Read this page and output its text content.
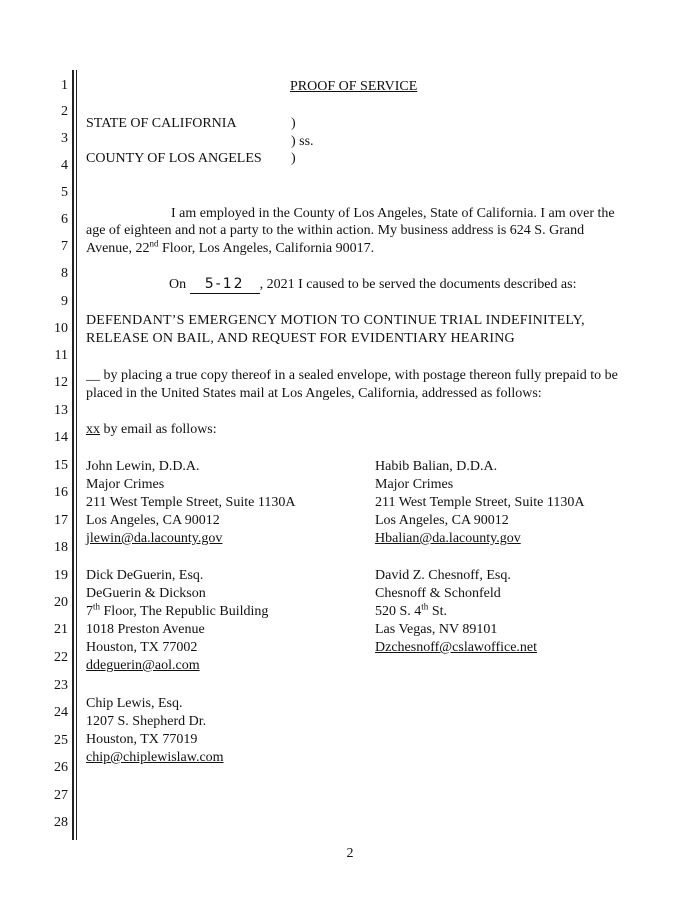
1
2
3
4
5
6
7
8
9
10
11
12
13
14
15
16
17
18
19
20
21
22
23
24
25
26
27
28
PROOF OF SERVICE
STATE OF CALIFORNIA	)
) ss.
COUNTY OF LOS ANGELES )
I am employed in the County of Los Angeles, State of California. I am over the
age of eighteen and not a party to the within action. My business address is 624 S. Grand
Avenue, 22nd Floor, Los Angeles, California 90017.
On 5-12 , 2021 I caused to be served the documents described as:
DEFENDANT’S EMERGENCY MOTION TO CONTINUE TRIAL INDEFINITELY,
RELEASE ON BAIL, AND REQUEST FOR EVIDENTIARY HEARING
__ by placing a true copy thereof in a sealed envelope, with postage thereon fully prepaid to be
placed in the United States mail at Los Angeles, California, addressed as follows:
xx by email as follows:
John Lewin, D.D.A.
Major Crimes
211 West Temple Street, Suite 1130A
Los Angeles, CA 90012
jlewin@da.lacounty.gov
Dick DeGuerin, Esq.
DeGuerin & Dickson
7th Floor, The Republic Building
1018 Preston Avenue
Houston, TX 77002
ddeguerin@aol.com
Chip Lewis, Esq.
1207 S. Shepherd Dr.
Houston, TX 77019
chip@chiplewislaw.com
Habib Balian, D.D.A.
Major Crimes
211 West Temple Street, Suite 1130A
Los Angeles, CA 90012
Hbalian@da.lacounty.gov
David Z. Chesnoff, Esq.
Chesnoff & Schonfeld
520 S. 4th St.
Las Vegas, NV 89101
Dzchesnoff@cslawoffice.net
2
